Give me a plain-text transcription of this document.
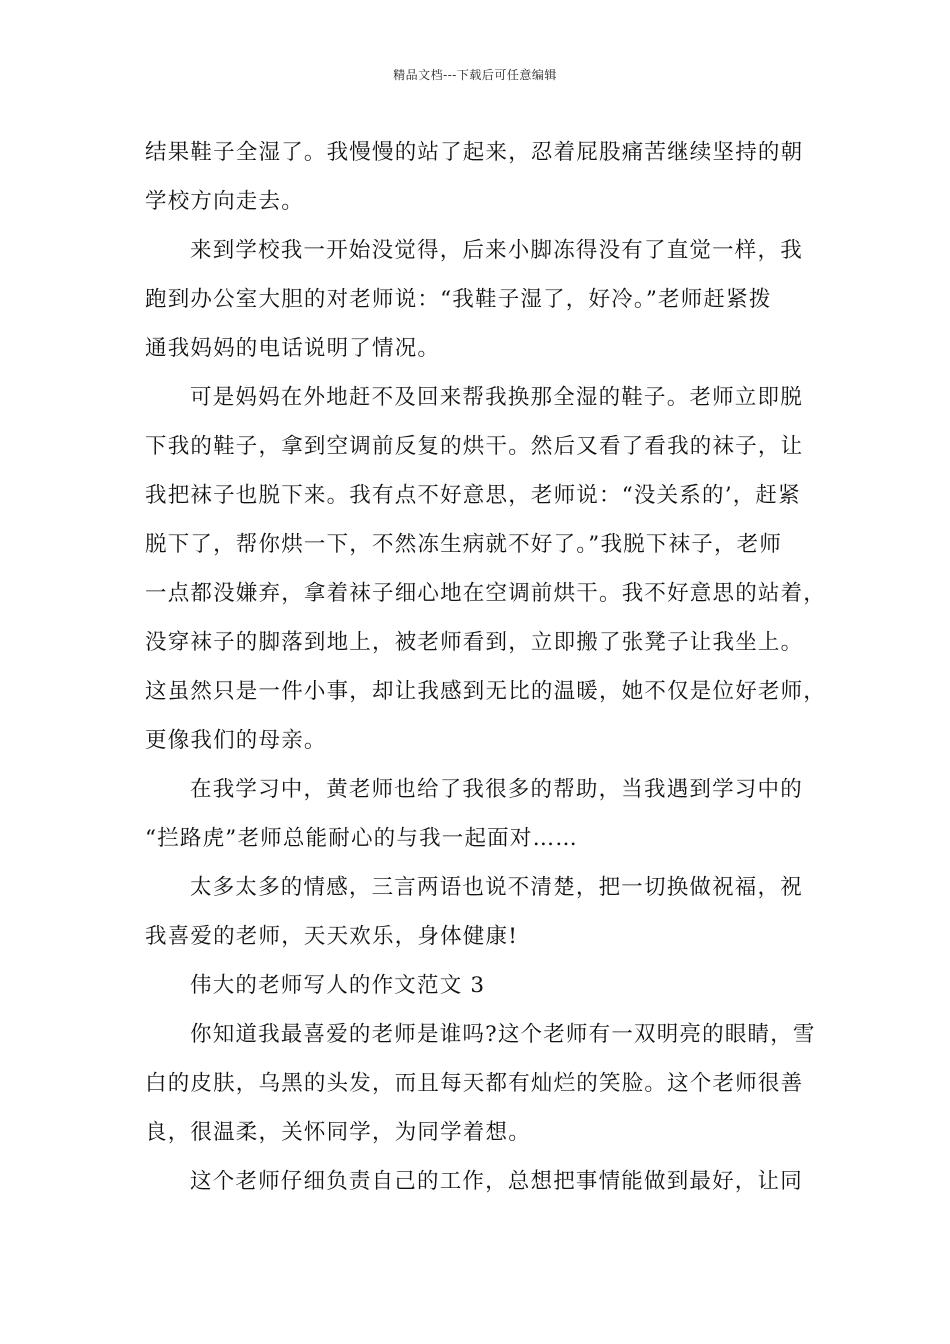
精品文档---下载后可任意编辑
结果鞋子全湿了。我慢慢的站了起来，忍着屁股痛苦继续坚持的朝
学校方向走去。
来到学校我一开始没觉得，后来小脚冻得没有了直觉一样，我
跑到办公室大胆的对老师说：“我鞋子湿了，好冷。”老师赶紧拨
通我妈妈的电话说明了情况。
可是妈妈在外地赶不及回来帮我换那全湿的鞋子。老师立即脱
下我的鞋子，拿到空调前反复的烘干。然后又看了看我的袜子，让
我把袜子也脱下来。我有点不好意思，老师说：“没关系的’，赶紧
脱下了，帮你烘一下，不然冻生病就不好了。”我脱下袜子，老师
一点都没嫌弃，拿着袜子细心地在空调前烘干。我不好意思的站着，
没穿袜子的脚落到地上，被老师看到，立即搬了张凳子让我坐上。
这虽然只是一件小事，却让我感到无比的温暖，她不仅是位好老师，
更像我们的母亲。
在我学习中，黄老师也给了我很多的帮助，当我遇到学习中的
“拦路虎”老师总能耐心的与我一起面对……
太多太多的情感，三言两语也说不清楚，把一切换做祝福，祝
我喜爱的老师，天天欢乐，身体健康!
伟大的老师写人的作文范文 3
你知道我最喜爱的老师是谁吗?这个老师有一双明亮的眼睛，雪
白的皮肤，乌黑的头发，而且每天都有灿烂的笑脸。这个老师很善
良，很温柔，关怀同学，为同学着想。
这个老师仔细负责自己的工作，总想把事情能做到最好，让同
